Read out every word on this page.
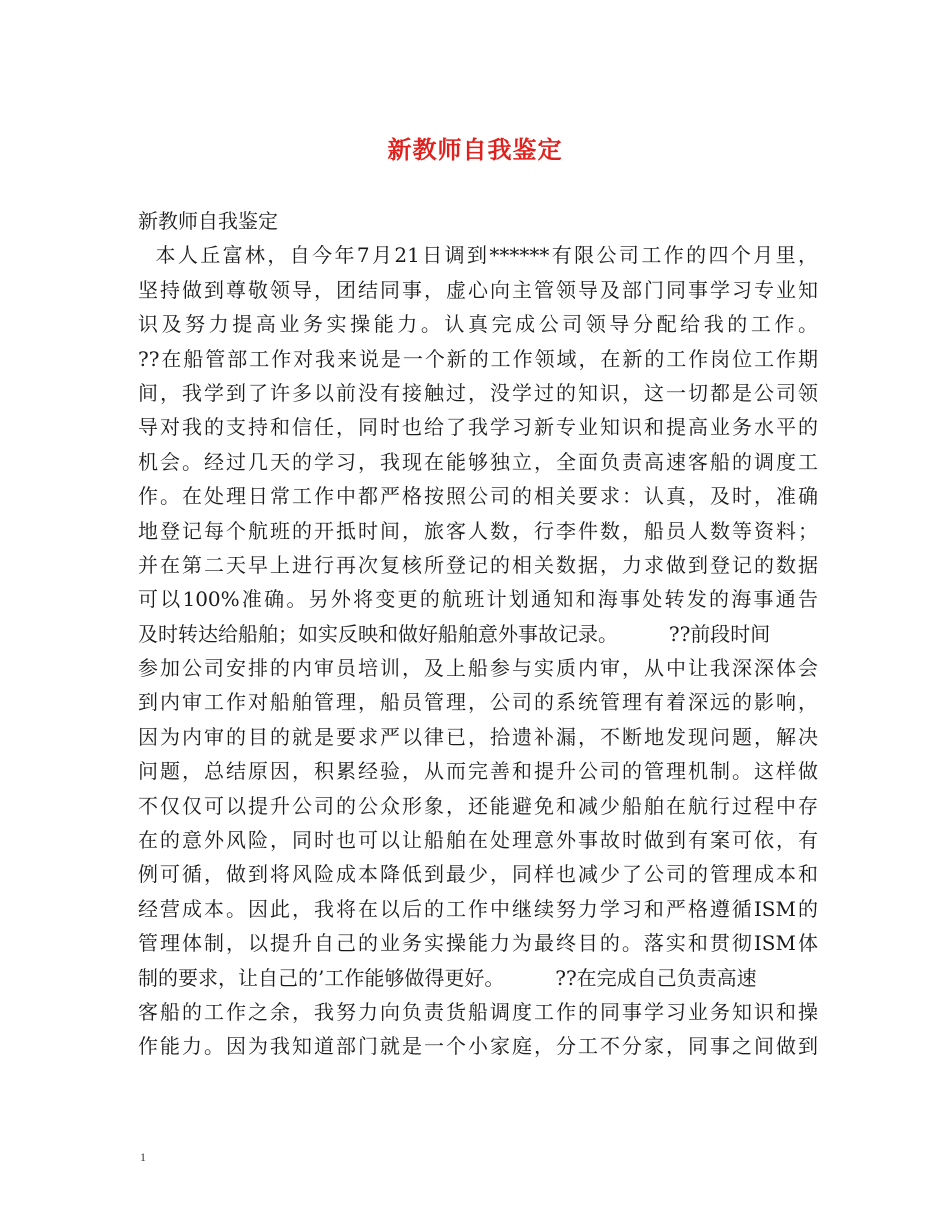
新教师自我鉴定
新教师自我鉴定
本人丘富林，自今年7月21日调到******有限公司工作的四个月里，
坚持做到尊敬领导，团结同事，虚心向主管领导及部门同事学习专业知
识及努力提高业务实操能力。认真完成公司领导分配给我的工作。
??在船管部工作对我来说是一个新的工作领域，在新的工作岗位工作期
间，我学到了许多以前没有接触过，没学过的知识，这一切都是公司领
导对我的支持和信任，同时也给了我学习新专业知识和提高业务水平的
机会。经过几天的学习，我现在能够独立，全面负责高速客船的调度工
作。在处理日常工作中都严格按照公司的相关要求：认真，及时，准确
地登记每个航班的开抵时间，旅客人数，行李件数，船员人数等资料；
并在第二天早上进行再次复核所登记的相关数据，力求做到登记的数据
可以100%准确。另外将变更的航班计划通知和海事处转发的海事通告
及时转达给船舶；如实反映和做好船舶意外事故记录。        ??前段时间
参加公司安排的内审员培训，及上船参与实质内审，从中让我深深体会
到内审工作对船舶管理，船员管理，公司的系统管理有着深远的影响，
因为内审的目的就是要求严以律已，拾遗补漏，不断地发现问题，解决
问题，总结原因，积累经验，从而完善和提升公司的管理机制。这样做
不仅仅可以提升公司的公众形象，还能避免和减少船舶在航行过程中存
在的意外风险，同时也可以让船舶在处理意外事故时做到有案可依，有
例可循，做到将风险成本降低到最少，同样也减少了公司的管理成本和
经营成本。因此，我将在以后的工作中继续努力学习和严格遵循ISM的
管理体制，以提升自己的业务实操能力为最终目的。落实和贯彻ISM体
制的要求，让自己的’工作能够做得更好。        ??在完成自己负责高速
客船的工作之余，我努力向负责货船调度工作的同事学习业务知识和操
作能力。因为我知道部门就是一个小家庭，分工不分家，同事之间做到
1
